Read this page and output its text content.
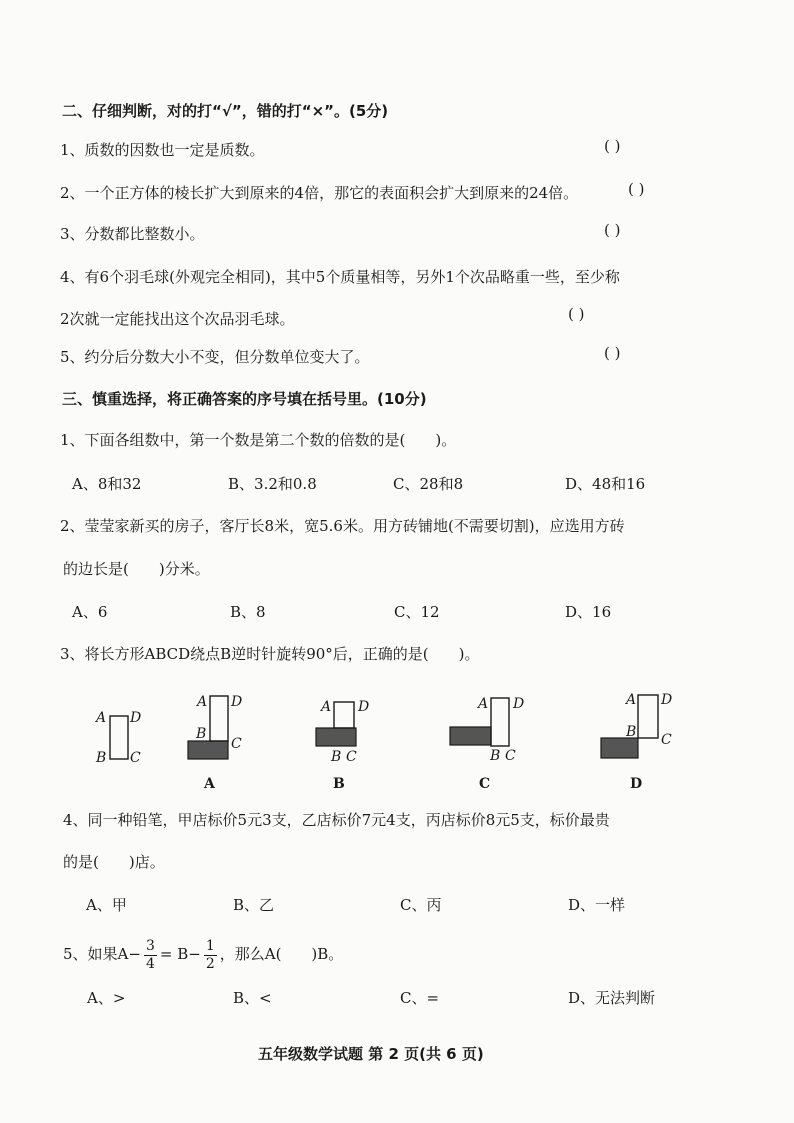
二、仔细判断，对的打“√”，错的打“×”。(5分)
1、质数的因数也一定是质数。	( )
2、一个正方体的棱长扩大到原来的4倍，那它的表面积会扩大到原来的24倍。	( )
3、分数都比整数小。	( )
4、有6个羽毛球(外观完全相同)，其中5个质量相等，另外1个次品略重一些，至少称
2次就一定能找出这个次品羽毛球。	( )
5、约分后分数大小不变，但分数单位变大了。	( )
三、慎重选择，将正确答案的序号填在括号里。(10分)
1、下面各组数中，第一个数是第二个数的倍数的是( )。
A、8和32	B、3.2和0.8	C、28和8	D、48和16
2、莹莹家新买的房子，客厅长8米，宽5.6米。用方砖铺地(不需要切割)，应选用方砖
的边长是( )分米。
A、6	B、8	C、12	D、16
3、将长方形ABCD绕点B逆时针旋转90°后，正确的是( )。
A D
B C
A D
B
C
A
A D
B C
B
A D
B C
C
A D
B C
D
4、同一种铅笔，甲店标价5元3支，乙店标价7元4支，丙店标价8元5支，标价最贵
的是( )店。
A、甲	B、乙	C、丙	D、一样
5、如果$A- \frac{3}{4} = B- \frac{1}{2}$ ，那么A( )B。
A、>	B、<	C、=	D、无法判断
五年级数学试题 第 2 页(共 6 页)
